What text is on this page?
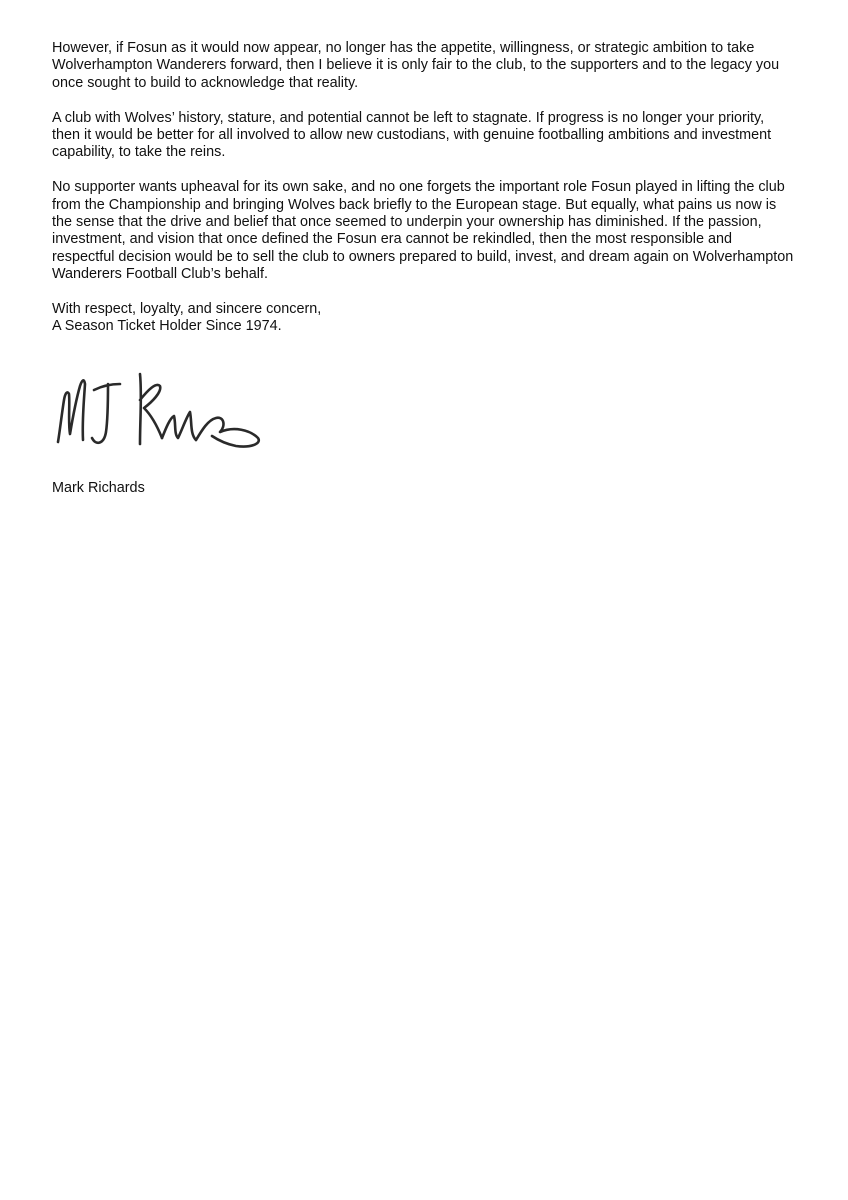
However, if Fosun as it would now appear, no longer has the appetite, willingness, or strategic ambition to take
Wolverhampton Wanderers forward, then I believe it is only fair to the club, to the supporters and to the legacy you
once sought to build to acknowledge that reality.

A club with Wolves’ history, stature, and potential cannot be left to stagnate. If progress is no longer your priority,
then it would be better for all involved to allow new custodians, with genuine footballing ambitions and investment
capability, to take the reins.

No supporter wants upheaval for its own sake, and no one forgets the important role Fosun played in lifting the club
from the Championship and bringing Wolves back briefly to the European stage. But equally, what pains us now is
the sense that the drive and belief that once seemed to underpin your ownership has diminished. If the passion,
investment, and vision that once defined the Fosun era cannot be rekindled, then the most responsible and
respectful decision would be to sell the club to owners prepared to build, invest, and dream again on Wolverhampton
Wanderers Football Club’s behalf.

With respect, loyalty, and sincere concern,
A Season Ticket Holder Since 1974.
Mark Richards
